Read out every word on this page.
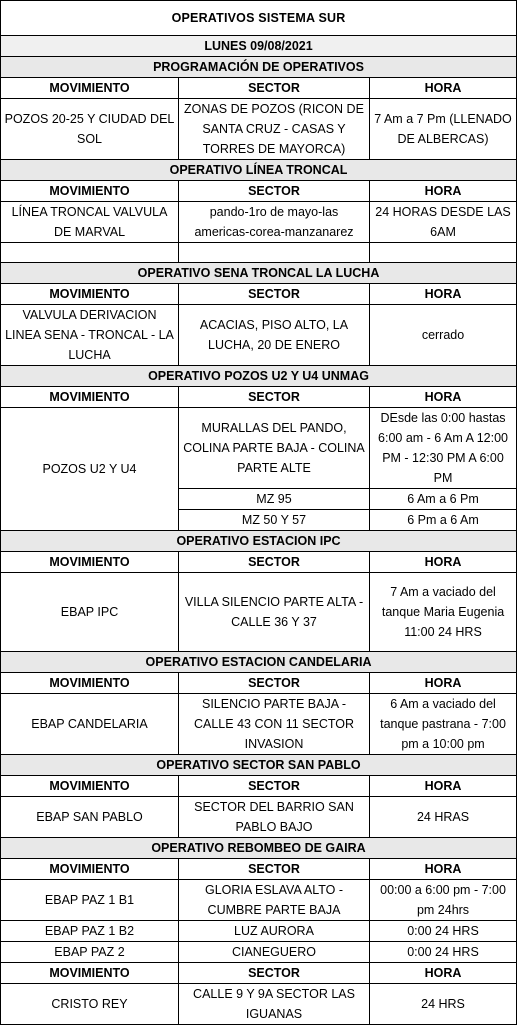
OPERATIVOS SISTEMA SUR		
LUNES 09/08/2021		
PROGRAMACIÓN DE OPERATIVOS		
MOVIMIENTO	SECTOR	HORA
POZOS 20-25 Y CIUDAD DEL SOL	ZONAS DE POZOS (RICON DE SANTA CRUZ - CASAS Y TORRES DE MAYORCA)	7 Am a 7 Pm (LLENADO DE ALBERCAS)
OPERATIVO LÍNEA TRONCAL		
MOVIMIENTO	SECTOR	HORA
LÍNEA TRONCAL VALVULA DE MARVAL	pando-1ro de mayo-las americas-corea-manzanarez	24 HORAS DESDE LAS 6AM

OPERATIVO SENA TRONCAL LA LUCHA		
MOVIMIENTO	SECTOR	HORA
VALVULA DERIVACION LINEA SENA - TRONCAL - LA LUCHA	ACACIAS, PISO ALTO, LA LUCHA, 20 DE ENERO	cerrado
OPERATIVO POZOS U2 Y U4 UNMAG		
MOVIMIENTO	SECTOR	HORA
POZOS U2 Y U4	MURALLAS DEL PANDO, COLINA PARTE BAJA - COLINA PARTE ALTE	DEsde las 0:00 hastas 6:00 am - 6 Am A 12:00 PM - 12:30 PM A 6:00 PM
	MZ 95	6 Am a 6 Pm
	MZ 50 Y 57	6 Pm a 6 Am
OPERATIVO ESTACION IPC		
MOVIMIENTO	SECTOR	HORA
EBAP IPC	VILLA SILENCIO PARTE ALTA - CALLE 36 Y 37	7 Am a vaciado del tanque Maria Eugenia 11:00 24 HRS
OPERATIVO ESTACION CANDELARIA		
MOVIMIENTO	SECTOR	HORA
EBAP CANDELARIA	SILENCIO PARTE BAJA - CALLE 43 CON 11 SECTOR INVASION	6 Am a vaciado del tanque pastrana - 7:00 pm a 10:00 pm
OPERATIVO SECTOR SAN PABLO		
MOVIMIENTO	SECTOR	HORA
EBAP SAN PABLO	SECTOR DEL BARRIO SAN PABLO BAJO	24 HRAS
OPERATIVO REBOMBEO DE GAIRA		
MOVIMIENTO	SECTOR	HORA
EBAP PAZ 1 B1	GLORIA ESLAVA ALTO - CUMBRE PARTE BAJA	00:00 a 6:00 pm - 7:00 pm 24hrs
EBAP PAZ 1 B2	LUZ AURORA	0:00 24 HRS
EBAP PAZ 2	CIANEGUERO	0:00 24 HRS
MOVIMIENTO	SECTOR	HORA
CRISTO REY	CALLE 9 Y 9A SECTOR LAS IGUANAS	24 HRS
